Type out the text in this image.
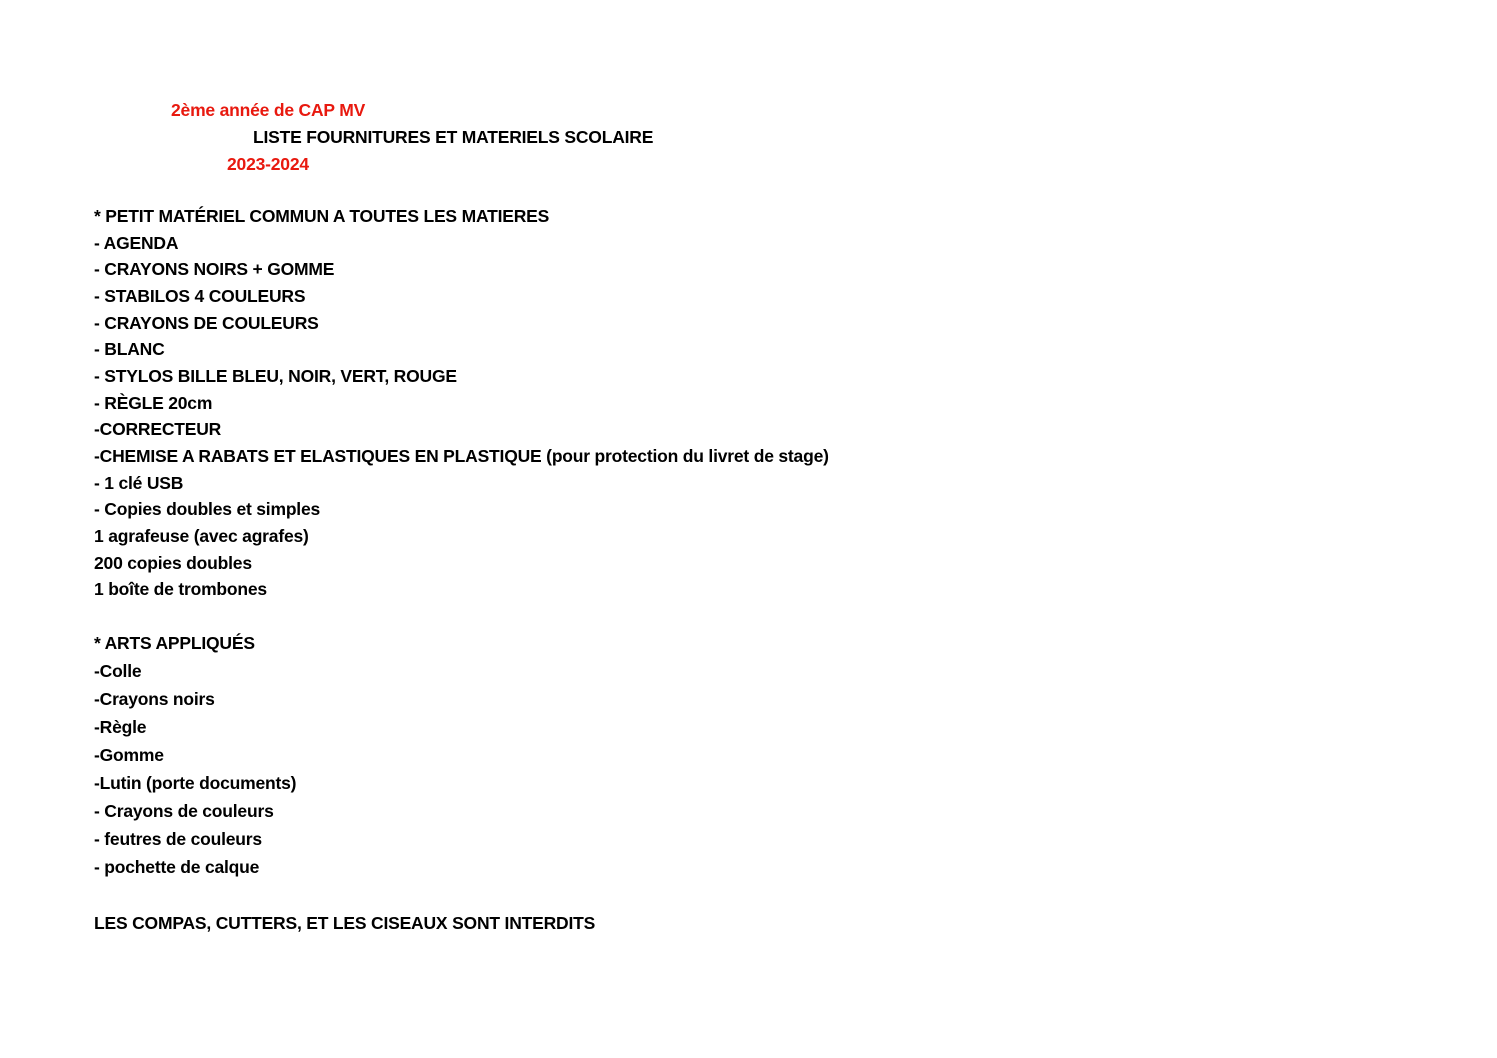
2ème année de CAP MV
LISTE FOURNITURES ET MATERIELS SCOLAIRE
2023-2024
* PETIT MATÉRIEL COMMUN A TOUTES LES MATIERES
- AGENDA
- CRAYONS NOIRS + GOMME
- STABILOS 4 COULEURS
- CRAYONS DE COULEURS
- BLANC
- STYLOS BILLE BLEU, NOIR, VERT, ROUGE
- RÈGLE 20cm
-CORRECTEUR
-CHEMISE A RABATS ET ELASTIQUES EN PLASTIQUE (pour protection du livret de stage)
- 1 clé USB
- Copies doubles et simples
1 agrafeuse (avec agrafes)
200 copies doubles
1 boîte de trombones
* ARTS APPLIQUÉS
-Colle
-Crayons noirs
-Règle
-Gomme
-Lutin (porte documents)
- Crayons de couleurs
- feutres de couleurs
- pochette de calque
LES COMPAS, CUTTERS, ET LES CISEAUX SONT INTERDITS
